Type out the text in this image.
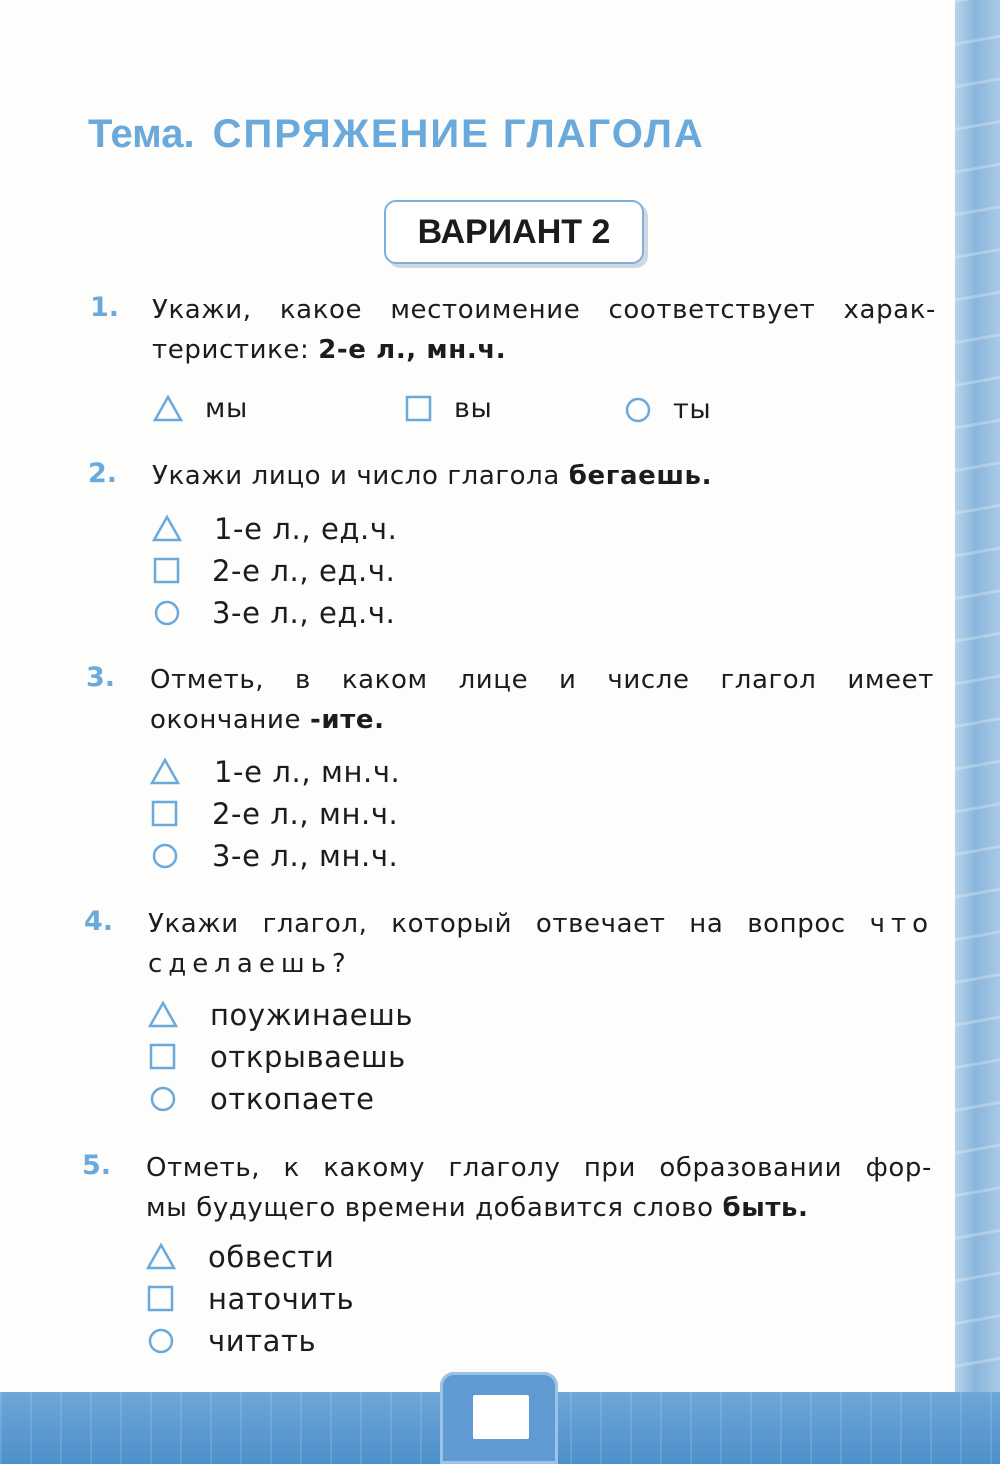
Тема. СПРЯЖЕНИЕ ГЛАГОЛА
ВАРИАНТ 2
1. Укажи, какое местоимение соответствует харак-
теристике: 2-е л., мн.ч.
мы	вы	ты
2. Укажи лицо и число глагола бегаешь.
1-е л., ед.ч.
2-е л., ед.ч.
3-е л., ед.ч.
3. Отметь, в каком лице и числе глагол имеет
окончание -ите.
1-е л., мн.ч.
2-е л., мн.ч.
3-е л., мн.ч.
4. Укажи глагол, который отвечает на вопрос что
сделаешь?
поужинаешь
открываешь
откопаете
5. Отметь, к какому глаголу при образовании фор-
мы будущего времени добавится слово быть.
обвести
наточить
читать
